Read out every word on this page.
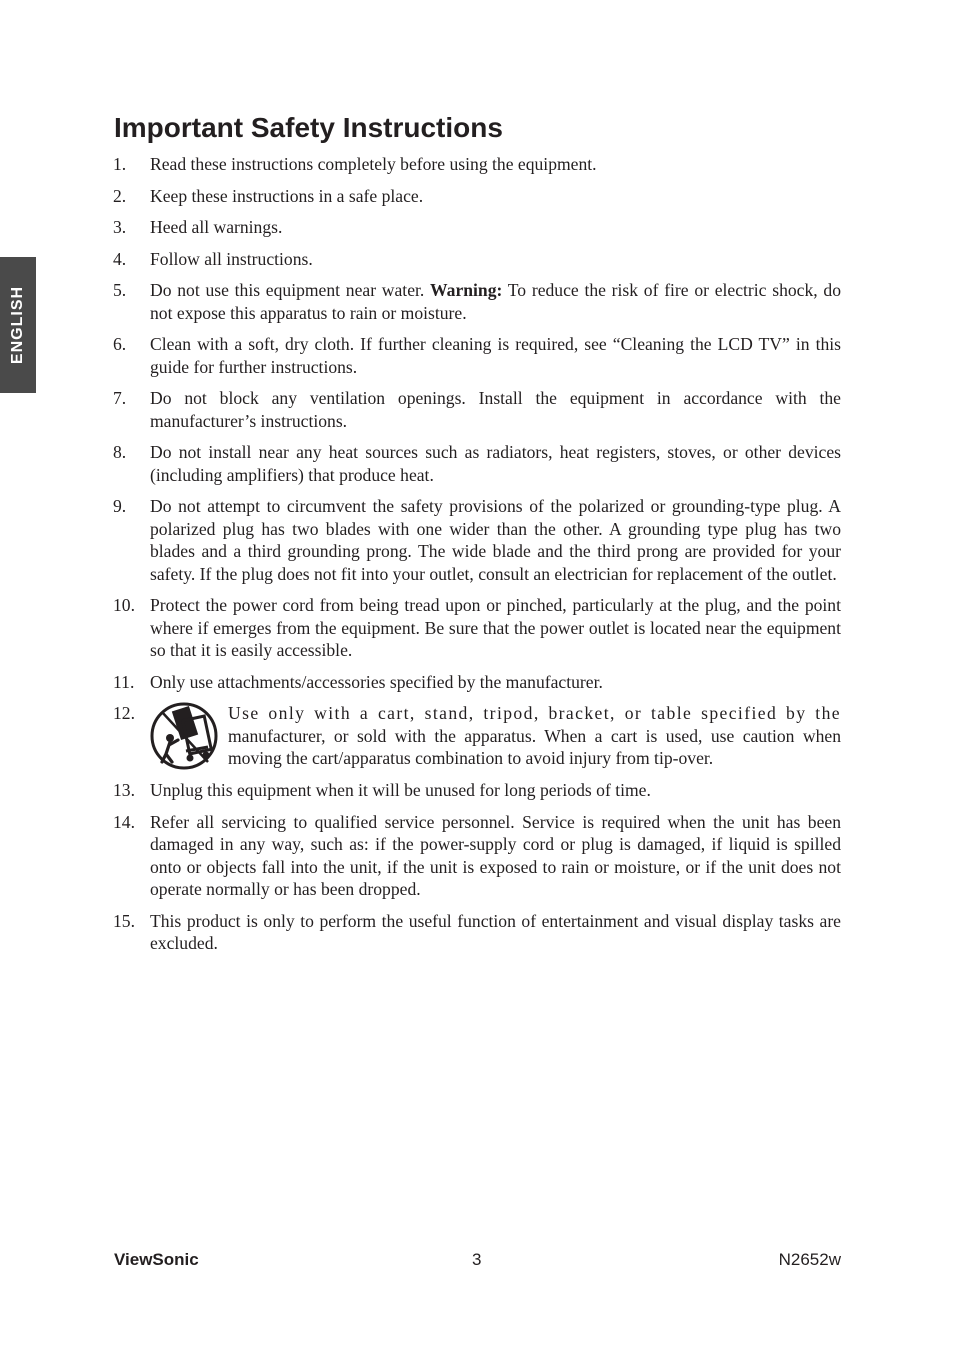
ENGLISH
Important Safety Instructions
1. Read these instructions completely before using the equipment.
2. Keep these instructions in a safe place.
3. Heed all warnings.
4. Follow all instructions.
5. Do not use this equipment near water. Warning: To reduce the risk of fire or electric shock, do not expose this apparatus to rain or moisture.
6. Clean with a soft, dry cloth. If further cleaning is required, see “Cleaning the LCD TV” in this guide for further instructions.
7. Do not block any ventilation openings. Install the equipment in accordance with the manufacturer’s instructions.
8. Do not install near any heat sources such as radiators, heat registers, stoves, or other devices (including amplifiers) that produce heat.
9. Do not attempt to circumvent the safety provisions of the polarized or grounding-type plug. A polarized plug has two blades with one wider than the other. A grounding type plug has two blades and a third grounding prong. The wide blade and the third prong are provided for your safety. If the plug does not fit into your outlet, consult an electrician for replacement of the outlet.
10. Protect the power cord from being tread upon or pinched, particularly at the plug, and the point where if emerges from the equipment. Be sure that the power outlet is located near the equipment so that it is easily accessible.
11. Only use attachments/accessories specified by the manufacturer.
12.	Use only with a cart, stand, tripod, bracket, or table specified by the manufacturer, or sold with the apparatus. When a cart is used, use caution when moving the cart/apparatus combination to avoid injury from tip-over.
13. Unplug this equipment when it will be unused for long periods of time.
14. Refer all servicing to qualified service personnel. Service is required when the unit has been damaged in any way, such as: if the power-supply cord or plug is damaged, if liquid is spilled onto or objects fall into the unit, if the unit is exposed to rain or moisture, or if the unit does not operate normally or has been dropped.
15. This product is only to perform the useful function of entertainment and visual display tasks are excluded.
ViewSonic	3	N2652w
